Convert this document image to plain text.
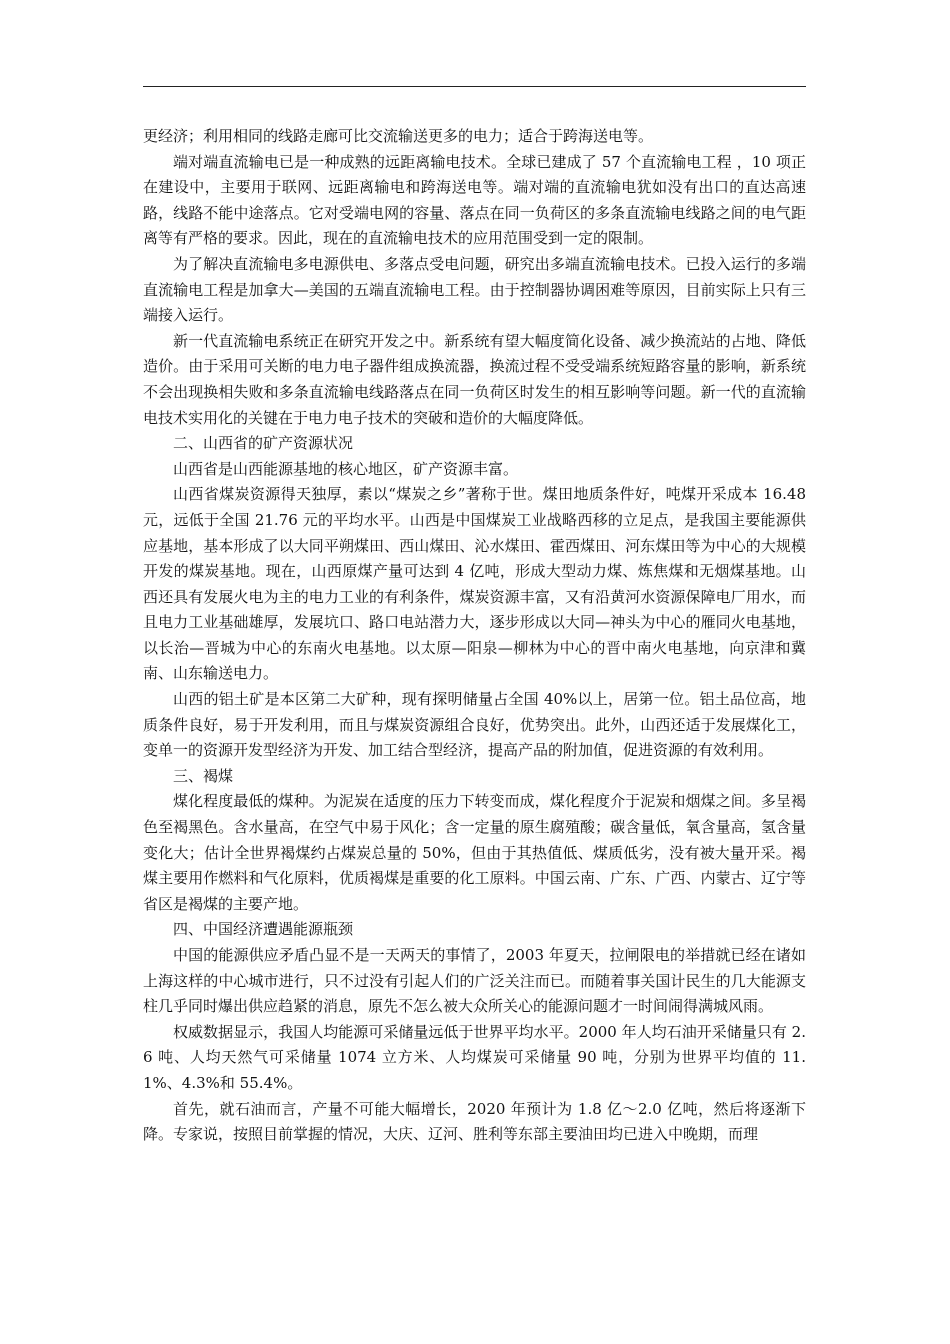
更经济；利用相同的线路走廊可比交流输送更多的电力；适合于跨海送电等。

端对端直流输电已是一种成熟的远距离输电技术。全球已建成了 57 个直流输电工程 ，10 项正在建设中，主要用于联网、远距离输电和跨海送电等。端对端的直流输电犹如没有出口的直达高速路，线路不能中途落点。它对受端电网的容量、落点在同一负荷区的多条直流输电线路之间的电气距离等有严格的要求。因此，现在的直流输电技术的应用范围受到一定的限制。

为了解决直流输电多电源供电、多落点受电问题，研究出多端直流输电技术。已投入运行的多端直流输电工程是加拿大—美国的五端直流输电工程。由于控制器协调困难等原因，目前实际上只有三端接入运行。

新一代直流输电系统正在研究开发之中。新系统有望大幅度简化设备、减少换流站的占地、降低造价。由于采用可关断的电力电子器件组成换流器，换流过程不受受端系统短路容量的影响，新系统不会出现换相失败和多条直流输电线路落点在同一负荷区时发生的相互影响等问题。新一代的直流输电技术实用化的关键在于电力电子技术的突破和造价的大幅度降低。

二、山西省的矿产资源状况

山西省是山西能源基地的核心地区，矿产资源丰富。

山西省煤炭资源得天独厚，素以“煤炭之乡”著称于世。煤田地质条件好，吨煤开采成本 16.48 元，远低于全国 21.76 元的平均水平。山西是中国煤炭工业战略西移的立足点，是我国主要能源供应基地，基本形成了以大同平朔煤田、西山煤田、沁水煤田、霍西煤田、河东煤田等为中心的大规模开发的煤炭基地。现在，山西原煤产量可达到 4 亿吨，形成大型动力煤、炼焦煤和无烟煤基地。山西还具有发展火电为主的电力工业的有利条件，煤炭资源丰富，又有沿黄河水资源保障电厂用水，而且电力工业基础雄厚，发展坑口、路口电站潜力大，逐步形成以大同—神头为中心的雁同火电基地，以长治—晋城为中心的东南火电基地。以太原—阳泉—柳林为中心的晋中南火电基地，向京津和冀南、山东输送电力。

山西的铝土矿是本区第二大矿种，现有探明储量占全国 40%以上，居第一位。铝土品位高，地质条件良好，易于开发利用，而且与煤炭资源组合良好，优势突出。此外，山西还适于发展煤化工，变单一的资源开发型经济为开发、加工结合型经济，提高产品的附加值，促进资源的有效利用。

三、褐煤

煤化程度最低的煤种。为泥炭在适度的压力下转变而成，煤化程度介于泥炭和烟煤之间。多呈褐色至褐黑色。含水量高，在空气中易于风化；含一定量的原生腐殖酸；碳含量低，氧含量高，氢含量变化大；估计全世界褐煤约占煤炭总量的 50%，但由于其热值低、煤质低劣，没有被大量开采。褐煤主要用作燃料和气化原料，优质褐煤是重要的化工原料。中国云南、广东、广西、内蒙古、辽宁等省区是褐煤的主要产地。

四、中国经济遭遇能源瓶颈

中国的能源供应矛盾凸显不是一天两天的事情了，2003 年夏天，拉闸限电的举措就已经在诸如上海这样的中心城市进行，只不过没有引起人们的广泛关注而已。而随着事关国计民生的几大能源支柱几乎同时爆出供应趋紧的消息，原先不怎么被大众所关心的能源问题才一时间闹得满城风雨。

权威数据显示，我国人均能源可采储量远低于世界平均水平。2000 年人均石油开采储量只有 2.6 吨、人均天然气可采储量 1074 立方米、人均煤炭可采储量 90 吨，分别为世界平均值的 11.1%、4.3%和 55.4%。

首先，就石油而言，产量不可能大幅增长，2020 年预计为 1.8 亿～2.0 亿吨，然后将逐渐下降。专家说，按照目前掌握的情况，大庆、辽河、胜利等东部主要油田均已进入中晚期，而理
